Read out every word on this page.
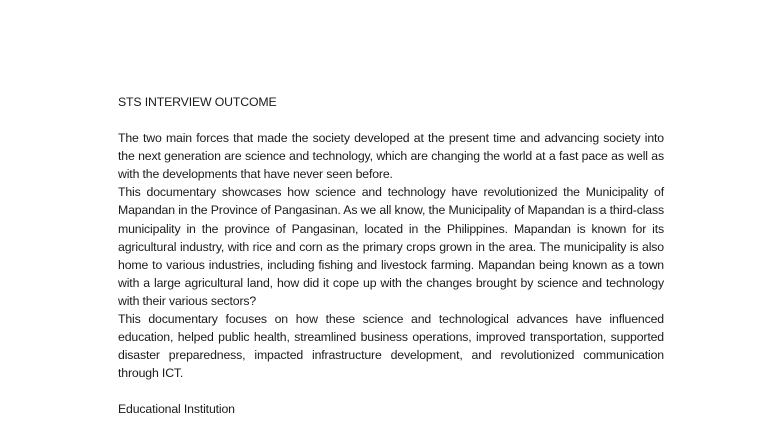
STS INTERVIEW OUTCOME

The two main forces that made the society developed at the present time and advancing society into the next generation are science and technology, which are changing the world at a fast pace as well as with the developments that have never seen before.

This documentary showcases how science and technology have revolutionized the Municipality of Mapandan in the Province of Pangasinan. As we all know, the Municipality of Mapandan is a third-class municipality in the province of Pangasinan, located in the Philippines. Mapandan is known for its agricultural industry, with rice and corn as the primary crops grown in the area. The municipality is also home to various industries, including fishing and livestock farming. Mapandan being known as a town with a large agricultural land, how did it cope up with the changes brought by science and technology with their various sectors?

This documentary focuses on how these science and technological advances have influenced education, helped public health, streamlined business operations, improved transportation, supported disaster preparedness, impacted infrastructure development, and revolutionized communication through ICT.

Educational Institution
